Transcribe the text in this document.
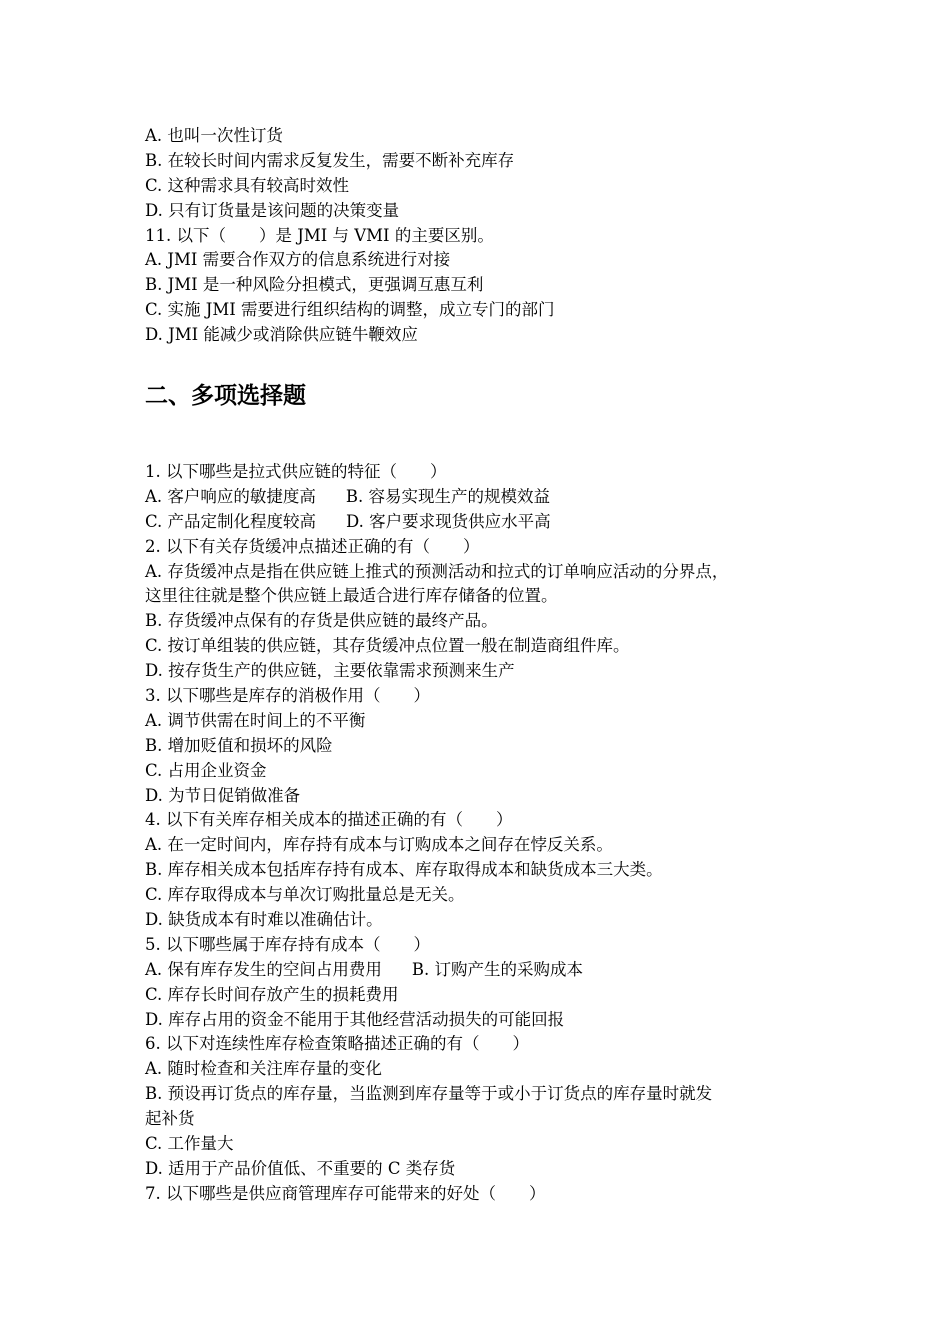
A. 也叫一次性订货
B. 在较长时间内需求反复发生，需要不断补充库存
C. 这种需求具有较高时效性
D. 只有订货量是该问题的决策变量
11. 以下（　　）是 JMI 与 VMI 的主要区别。
A. JMI 需要合作双方的信息系统进行对接
B. JMI 是一种风险分担模式，更强调互惠互利
C. 实施 JMI 需要进行组织结构的调整，成立专门的部门
D. JMI 能减少或消除供应链牛鞭效应
二、多项选择题
1. 以下哪些是拉式供应链的特征（　　）
A. 客户响应的敏捷度高 B. 容易实现生产的规模效益
C. 产品定制化程度较高 D. 客户要求现货供应水平高
2. 以下有关存货缓冲点描述正确的有（　　）
A. 存货缓冲点是指在供应链上推式的预测活动和拉式的订单响应活动的分界点，
这里往往就是整个供应链上最适合进行库存储备的位置。
B. 存货缓冲点保有的存货是供应链的最终产品。
C. 按订单组装的供应链，其存货缓冲点位置一般在制造商组件库。
D. 按存货生产的供应链，主要依靠需求预测来生产
3. 以下哪些是库存的消极作用（　　）
A. 调节供需在时间上的不平衡
B. 增加贬值和损坏的风险
C. 占用企业资金
D. 为节日促销做准备
4. 以下有关库存相关成本的描述正确的有（　　）
A. 在一定时间内，库存持有成本与订购成本之间存在悖反关系。
B. 库存相关成本包括库存持有成本、库存取得成本和缺货成本三大类。
C. 库存取得成本与单次订购批量总是无关。
D. 缺货成本有时难以准确估计。
5. 以下哪些属于库存持有成本（　　）
A. 保有库存发生的空间占用费用 B. 订购产生的采购成本
C. 库存长时间存放产生的损耗费用
D. 库存占用的资金不能用于其他经营活动损失的可能回报
6. 以下对连续性库存检查策略描述正确的有（　　）
A. 随时检查和关注库存量的变化
B. 预设再订货点的库存量，当监测到库存量等于或小于订货点的库存量时就发
起补货
C. 工作量大
D. 适用于产品价值低、不重要的 C 类存货
7. 以下哪些是供应商管理库存可能带来的好处（　　）
